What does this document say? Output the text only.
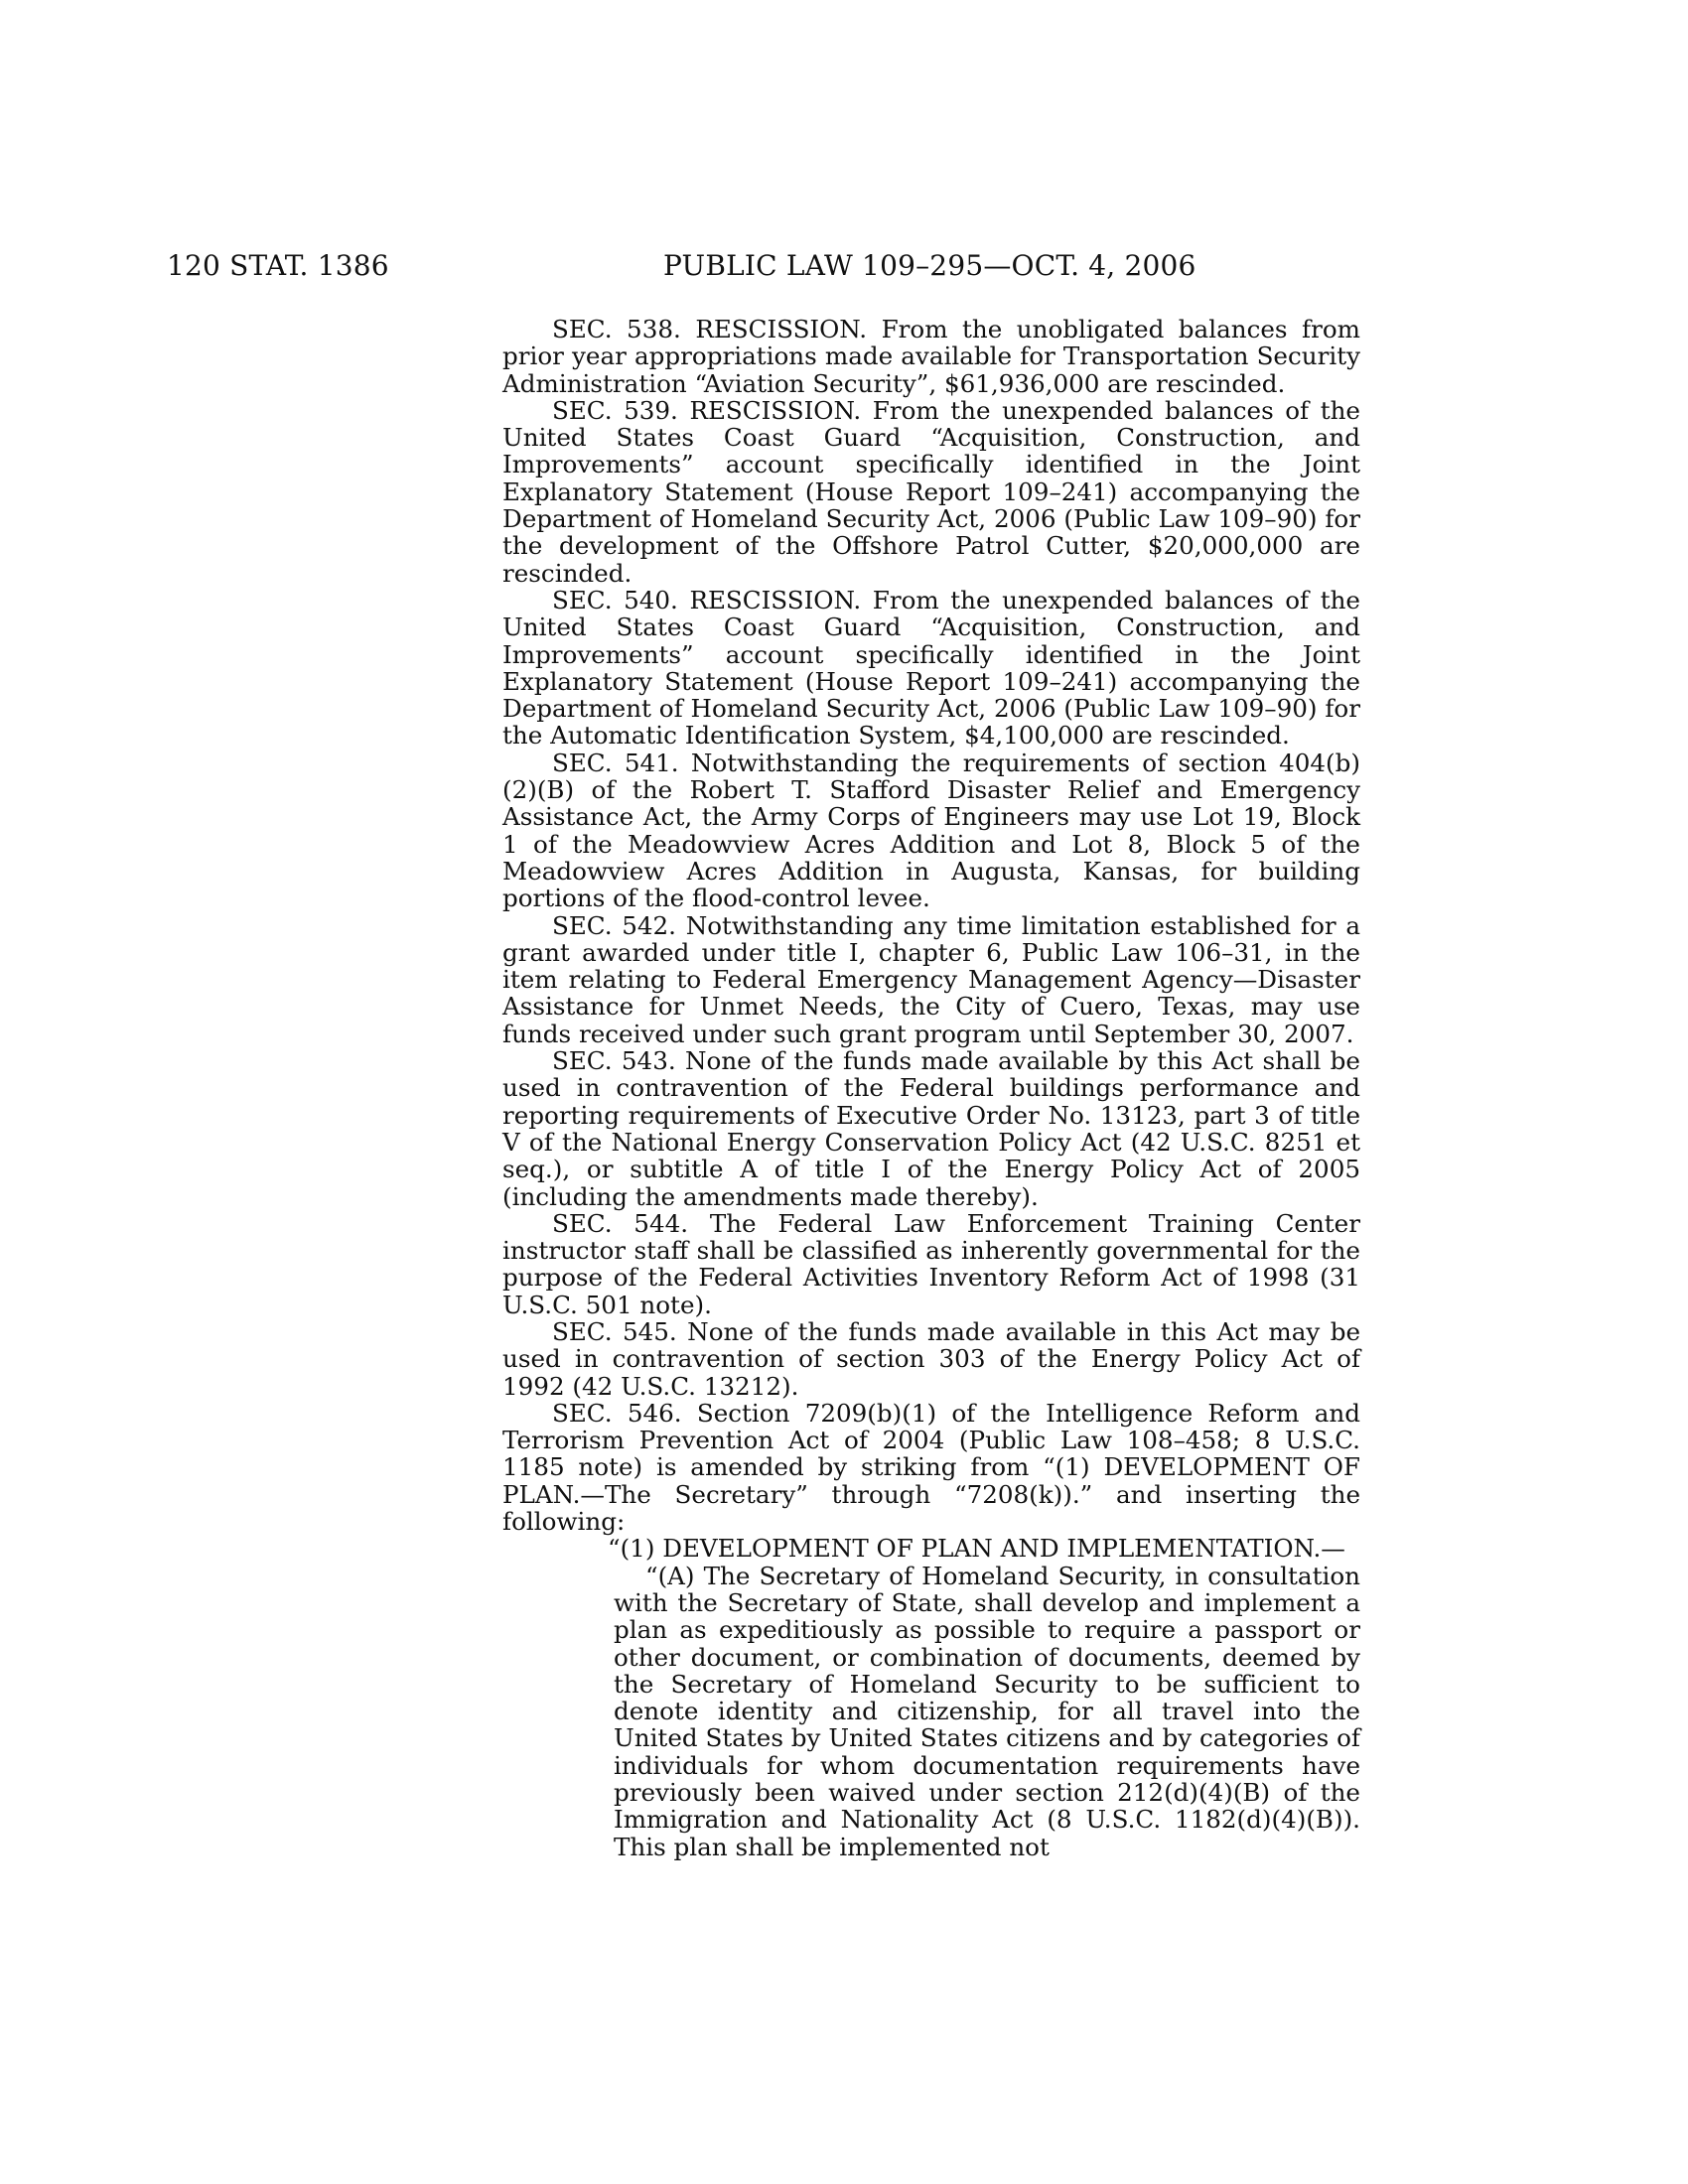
120 STAT. 1386	PUBLIC LAW 109–295—OCT. 4, 2006

SEC. 538. RESCISSION. From the unobligated balances from prior year appropriations made available for Transportation Security Administration “Aviation Security”, $61,936,000 are rescinded.

SEC. 539. RESCISSION. From the unexpended balances of the United States Coast Guard “Acquisition, Construction, and Improvements” account specifically identified in the Joint Explanatory Statement (House Report 109–241) accompanying the Department of Homeland Security Act, 2006 (Public Law 109–90) for the development of the Offshore Patrol Cutter, $20,000,000 are rescinded.

SEC. 540. RESCISSION. From the unexpended balances of the United States Coast Guard “Acquisition, Construction, and Improvements” account specifically identified in the Joint Explanatory Statement (House Report 109–241) accompanying the Department of Homeland Security Act, 2006 (Public Law 109–90) for the Automatic Identification System, $4,100,000 are rescinded.

SEC. 541. Notwithstanding the requirements of section 404(b)(2)(B) of the Robert T. Stafford Disaster Relief and Emergency Assistance Act, the Army Corps of Engineers may use Lot 19, Block 1 of the Meadowview Acres Addition and Lot 8, Block 5 of the Meadowview Acres Addition in Augusta, Kansas, for building portions of the flood-control levee.

SEC. 542. Notwithstanding any time limitation established for a grant awarded under title I, chapter 6, Public Law 106–31, in the item relating to Federal Emergency Management Agency—Disaster Assistance for Unmet Needs, the City of Cuero, Texas, may use funds received under such grant program until September 30, 2007.

SEC. 543. None of the funds made available by this Act shall be used in contravention of the Federal buildings performance and reporting requirements of Executive Order No. 13123, part 3 of title V of the National Energy Conservation Policy Act (42 U.S.C. 8251 et seq.), or subtitle A of title I of the Energy Policy Act of 2005 (including the amendments made thereby).

SEC. 544. The Federal Law Enforcement Training Center instructor staff shall be classified as inherently governmental for the purpose of the Federal Activities Inventory Reform Act of 1998 (31 U.S.C. 501 note).

SEC. 545. None of the funds made available in this Act may be used in contravention of section 303 of the Energy Policy Act of 1992 (42 U.S.C. 13212).

SEC. 546. Section 7209(b)(1) of the Intelligence Reform and Terrorism Prevention Act of 2004 (Public Law 108–458; 8 U.S.C. 1185 note) is amended by striking from “(1) DEVELOPMENT OF PLAN.—The Secretary” through “7208(k)).” and inserting the following:

“(1) DEVELOPMENT OF PLAN AND IMPLEMENTATION.—

“(A) The Secretary of Homeland Security, in consultation with the Secretary of State, shall develop and implement a plan as expeditiously as possible to require a passport or other document, or combination of documents, deemed by the Secretary of Homeland Security to be sufficient to denote identity and citizenship, for all travel into the United States by United States citizens and by categories of individuals for whom documentation requirements have previously been waived under section 212(d)(4)(B) of the Immigration and Nationality Act (8 U.S.C. 1182(d)(4)(B)). This plan shall be implemented not
